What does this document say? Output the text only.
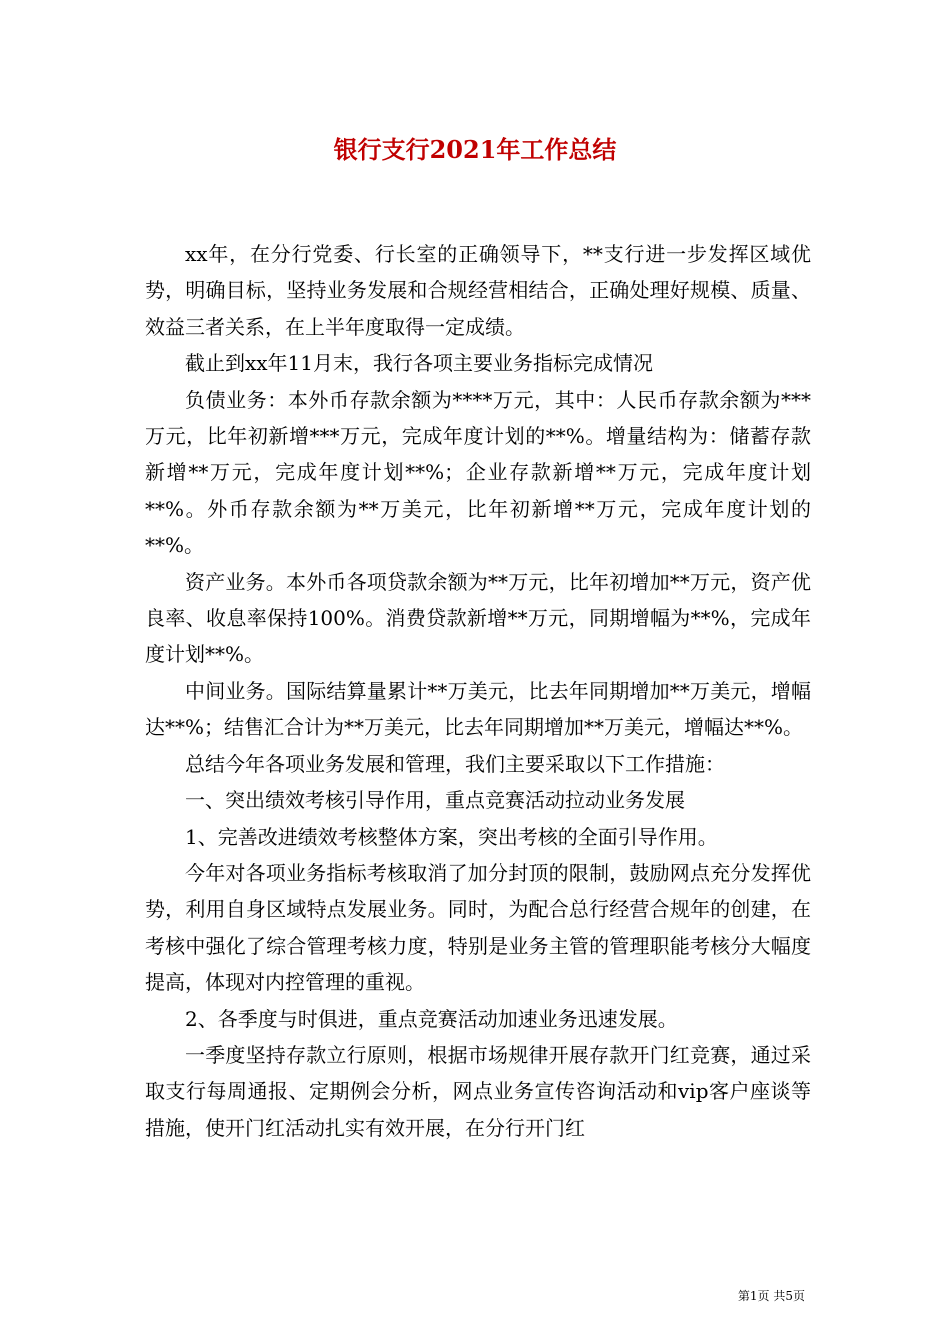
银行支行2021年工作总结

xx年，在分行党委、行长室的正确领导下，**支行进一步发挥区域优势，明确目标，坚持业务发展和合规经营相结合，正确处理好规模、质量、效益三者关系，在上半年度取得一定成绩。

截止到xx年11月末，我行各项主要业务指标完成情况

负债业务：本外币存款余额为****万元，其中：人民币存款余额为***万元，比年初新增***万元，完成年度计划的**%。增量结构为：储蓄存款新增**万元，完成年度计划**%；企业存款新增**万元，完成年度计划**%。外币存款余额为**万美元，比年初新增**万元，完成年度计划的**%。

资产业务。本外币各项贷款余额为**万元，比年初增加**万元，资产优良率、收息率保持100%。消费贷款新增**万元，同期增幅为**%，完成年度计划**%。

中间业务。国际结算量累计**万美元，比去年同期增加**万美元，增幅达**%；结售汇合计为**万美元，比去年同期增加**万美元，增幅达**%。

总结今年各项业务发展和管理，我们主要采取以下工作措施：

一、突出绩效考核引导作用，重点竞赛活动拉动业务发展

1、完善改进绩效考核整体方案，突出考核的全面引导作用。

今年对各项业务指标考核取消了加分封顶的限制，鼓励网点充分发挥优势，利用自身区域特点发展业务。同时，为配合总行经营合规年的创建，在考核中强化了综合管理考核力度，特别是业务主管的管理职能考核分大幅度提高，体现对内控管理的重视。

2、各季度与时俱进，重点竞赛活动加速业务迅速发展。

一季度坚持存款立行原则，根据市场规律开展存款开门红竞赛，通过采取支行每周通报、定期例会分析，网点业务宣传咨询活动和vip客户座谈等措施，使开门红活动扎实有效开展，在分行开门红

第1页 共5页
